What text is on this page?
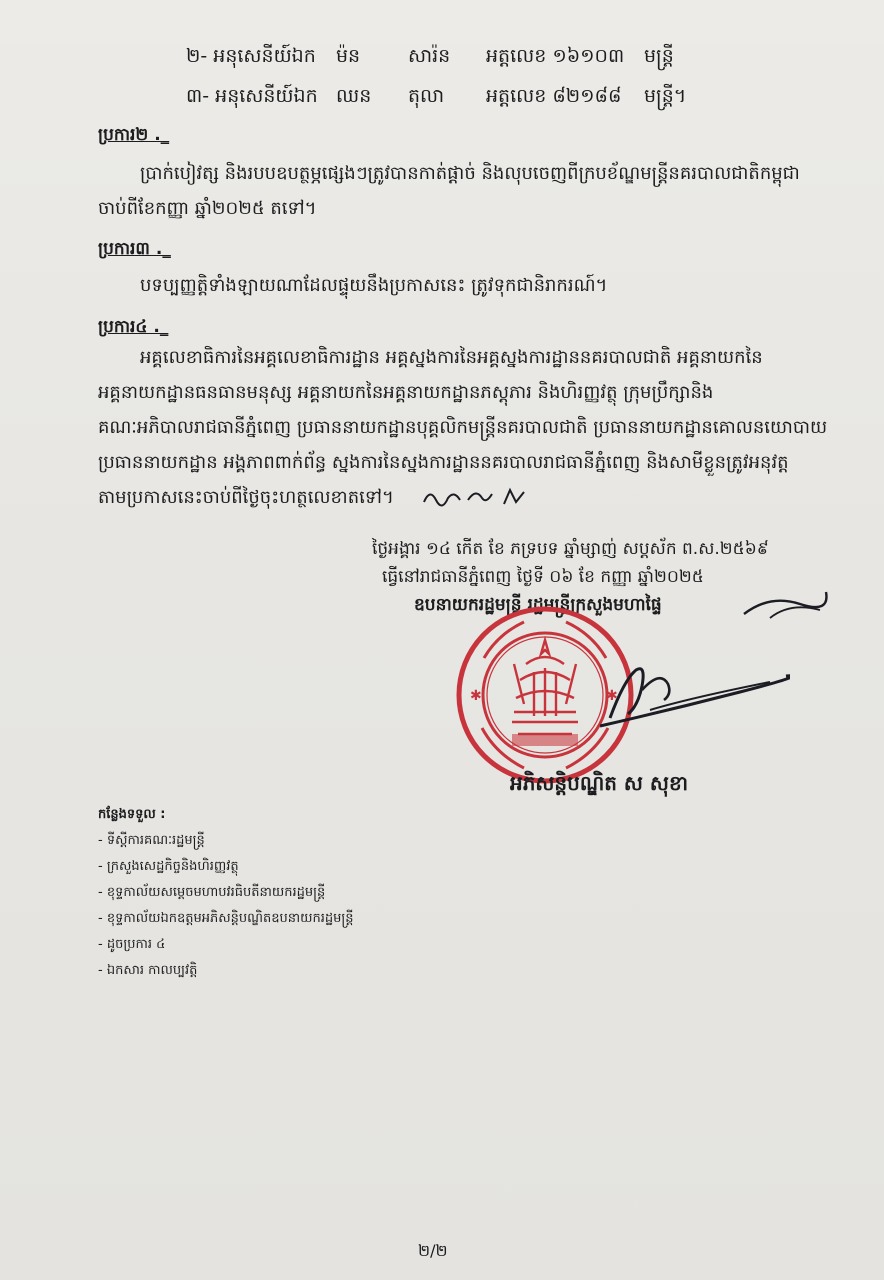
២- អនុសេនីយ៍ឯក ម៉ន	សារ៉ន អត្តលេខ ១៦១០៣ មន្ត្រី
៣- អនុសេនីយ៍ឯក ឈន តុលា អត្តលេខ ៨២១៨៨ មន្ត្រី។
ប្រការ២ ._
ប្រាក់បៀវត្ស និងរបបឧបត្ថម្ភផ្សេងៗត្រូវបានកាត់ផ្តាច់ និងលុបចេញពីក្របខ័ណ្ឌមន្ត្រីនគរបាលជាតិកម្ពុជា
ចាប់ពីខែកញ្ញា ឆ្នាំ២០២៥ តទៅ។
ប្រការ៣ ._
បទប្បញ្ញត្តិទាំងឡាយណាដែលផ្ទុយនឹងប្រកាសនេះ ត្រូវទុកជានិរាករណ៍។
ប្រការ៤ ._
អគ្គលេខាធិការនៃអគ្គលេខាធិការដ្ឋាន អគ្គស្នងការនៃអគ្គស្នងការដ្ឋាននគរបាលជាតិ អគ្គនាយកនៃ
អគ្គនាយកដ្ឋានធនធានមនុស្ស អគ្គនាយកនៃអគ្គនាយកដ្ឋានភស្តុភារ និងហិរញ្ញវត្ថុ ក្រុមប្រឹក្សានិង
គណៈអភិបាលរាជធានីភ្នំពេញ ប្រធាននាយកដ្ឋានបុគ្គលិកមន្ត្រីនគរបាលជាតិ ប្រធាននាយកដ្ឋានគោលនយោបាយ
ប្រធាននាយកដ្ឋាន អង្គភាពពាក់ព័ន្ធ ស្នងការនៃស្នងការដ្ឋាននគរបាលរាជធានីភ្នំពេញ និងសាមីខ្លួនត្រូវអនុវត្ត
តាមប្រកាសនេះចាប់ពីថ្ងៃចុះហត្ថលេខាតទៅ។
ថ្ងៃអង្គារ ១៤ កើត ខែ ភទ្របទ ឆ្នាំម្សាញ់ សប្តស័ក ព.ស.២៥៦៩
ធ្វើនៅរាជធានីភ្នំពេញ ថ្ងៃទី ០៦ ខែ កញ្ញា ឆ្នាំ២០២៥
ឧបនាយករដ្ឋមន្ត្រី រដ្ឋមន្ត្រីក្រសួងមហាផ្ទៃ
✱	✱
អភិសន្តិបណ្ឌិត ស សុខា
កន្លែងទទួល :
- ទីស្តីការគណៈរដ្ឋមន្ត្រី
- ក្រសួងសេដ្ឋកិច្ចនិងហិរញ្ញវត្ថុ
- ខុទ្ទកាល័យសម្តេចមហាបវរធិបតីនាយករដ្ឋមន្ត្រី
- ខុទ្ទកាល័យឯកឧត្តមអភិសន្តិបណ្ឌិតឧបនាយករដ្ឋមន្ត្រី
- ដូចប្រការ ៤
- ឯកសារ កាលប្បវត្តិ
២/២
